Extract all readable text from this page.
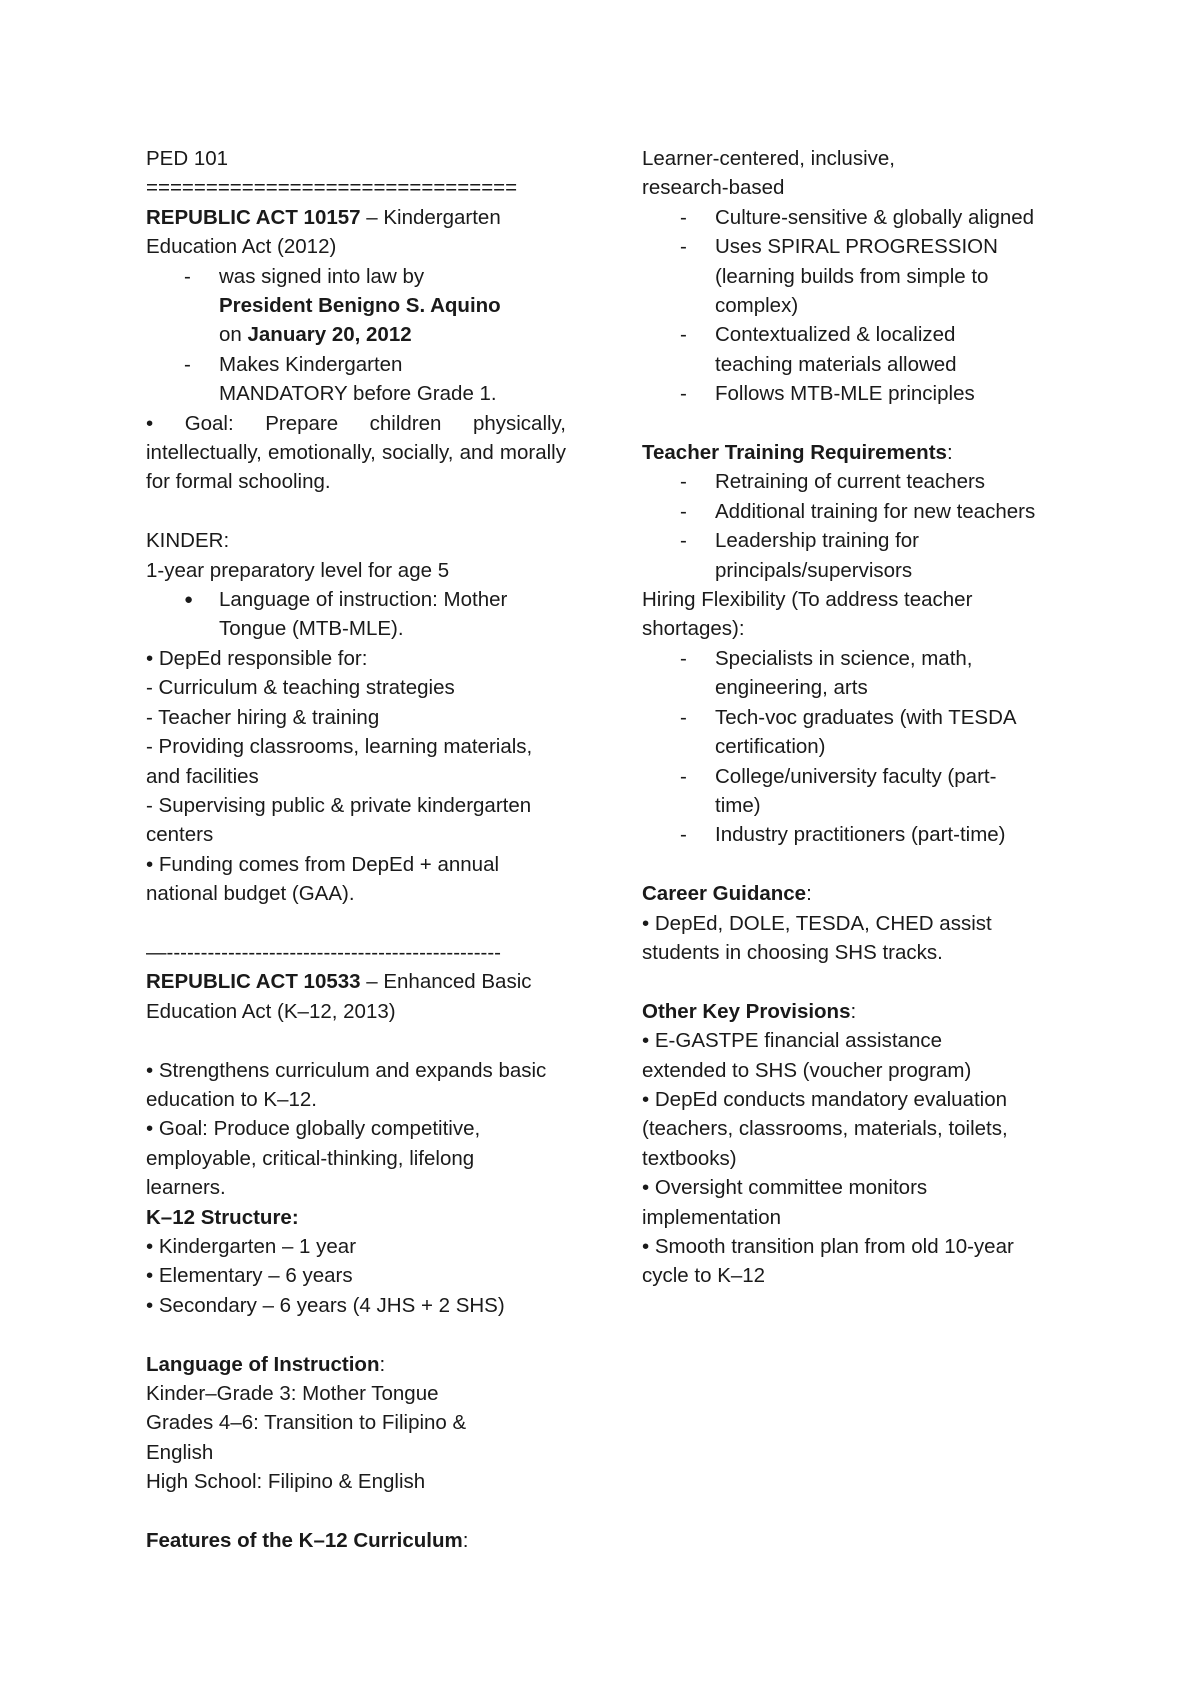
PED 101
===============================
REPUBLIC ACT 10157 – Kindergarten Education Act (2012)
- was signed into law by President Benigno S. Aquino on January 20, 2012
- Makes Kindergarten MANDATORY before Grade 1.
• Goal: Prepare children physically, intellectually, emotionally, socially, and morally for formal schooling.
KINDER:
1-year preparatory level for age 5
● Language of instruction: Mother Tongue (MTB-MLE).
• DepEd responsible for:
- Curriculum & teaching strategies
- Teacher hiring & training
- Providing classrooms, learning materials, and facilities
- Supervising public & private kindergarten centers
• Funding comes from DepEd + annual national budget (GAA).
—-------------------------------------------------
REPUBLIC ACT 10533 – Enhanced Basic Education Act (K–12, 2013)
• Strengthens curriculum and expands basic education to K–12.
• Goal: Produce globally competitive, employable, critical-thinking, lifelong learners.
K–12 Structure:
• Kindergarten – 1 year
• Elementary – 6 years
• Secondary – 6 years (4 JHS + 2 SHS)
Language of Instruction:
Kinder–Grade 3: Mother Tongue
Grades 4–6: Transition to Filipino & English
High School: Filipino & English
Features of the K–12 Curriculum:
Learner-centered, inclusive, research-based
- Culture-sensitive & globally aligned
- Uses SPIRAL PROGRESSION (learning builds from simple to complex)
- Contextualized & localized teaching materials allowed
- Follows MTB-MLE principles
Teacher Training Requirements:
- Retraining of current teachers
- Additional training for new teachers
- Leadership training for principals/supervisors
Hiring Flexibility (To address teacher shortages):
- Specialists in science, math, engineering, arts
- Tech-voc graduates (with TESDA certification)
- College/university faculty (part-time)
- Industry practitioners (part-time)
Career Guidance:
• DepEd, DOLE, TESDA, CHED assist students in choosing SHS tracks.
Other Key Provisions:
• E-GASTPE financial assistance extended to SHS (voucher program)
• DepEd conducts mandatory evaluation (teachers, classrooms, materials, toilets, textbooks)
• Oversight committee monitors implementation
• Smooth transition plan from old 10-year cycle to K–12
